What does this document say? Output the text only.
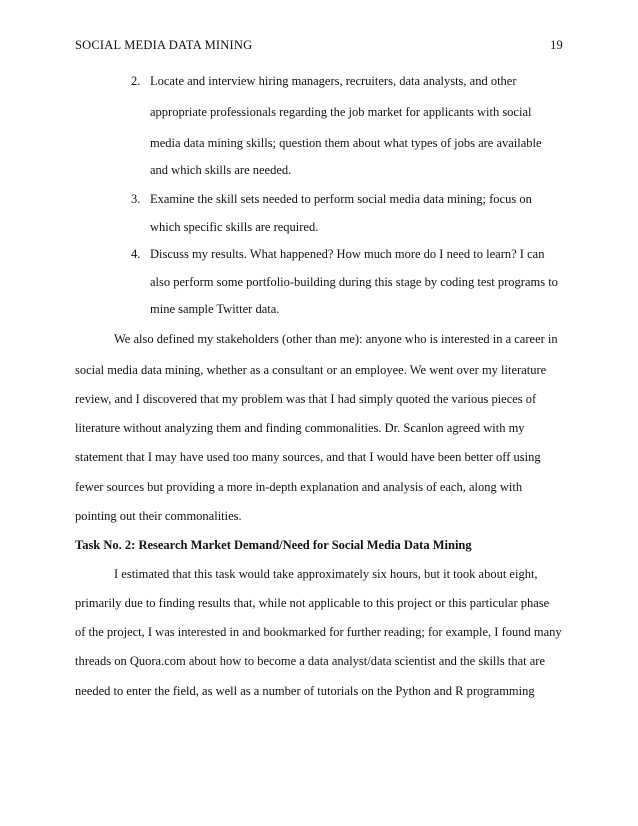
SOCIAL MEDIA DATA MINING	19
2. Locate and interview hiring managers, recruiters, data analysts, and other
appropriate professionals regarding the job market for applicants with social
media data mining skills; question them about what types of jobs are available
and which skills are needed.
3. Examine the skill sets needed to perform social media data mining; focus on
which specific skills are required.
4. Discuss my results. What happened? How much more do I need to learn? I can
also perform some portfolio-building during this stage by coding test programs to
mine sample Twitter data.
We also defined my stakeholders (other than me): anyone who is interested in a career in
social media data mining, whether as a consultant or an employee. We went over my literature
review, and I discovered that my problem was that I had simply quoted the various pieces of
literature without analyzing them and finding commonalities. Dr. Scanlon agreed with my
statement that I may have used too many sources, and that I would have been better off using
fewer sources but providing a more in-depth explanation and analysis of each, along with
pointing out their commonalities.
Task No. 2: Research Market Demand/Need for Social Media Data Mining
I estimated that this task would take approximately six hours, but it took about eight,
primarily due to finding results that, while not applicable to this project or this particular phase
of the project, I was interested in and bookmarked for further reading; for example, I found many
threads on Quora.com about how to become a data analyst/data scientist and the skills that are
needed to enter the field, as well as a number of tutorials on the Python and R programming
